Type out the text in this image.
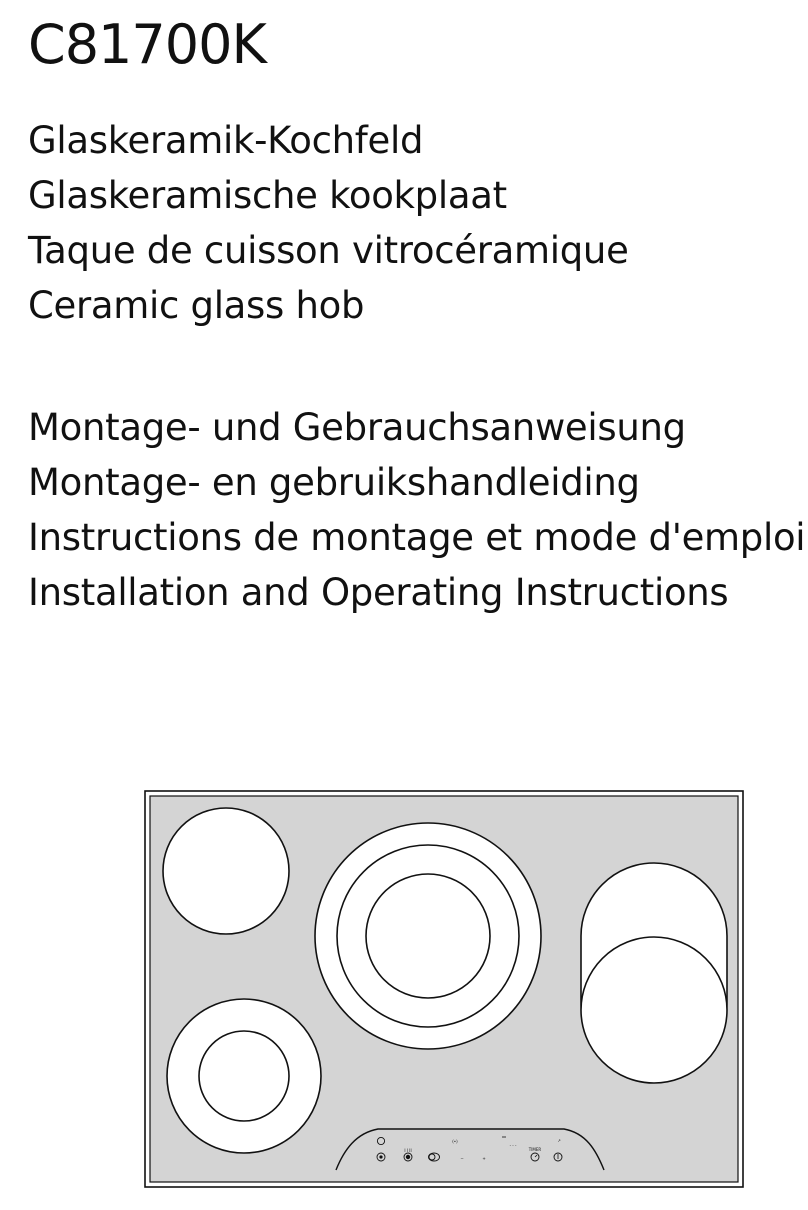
C81700K
Glaskeramik-Kochfeld
Glaskeramische kookplaat
Taque de cuisson vitrocéramique
Ceramic glass hob
Montage- und Gebrauchsanweisung
Montage- en gebruikshandleiding
Instructions de montage et mode d'emploi
Installation and Operating Instructions
(•)
- - -
↗
I I II	TIMER
−	+
